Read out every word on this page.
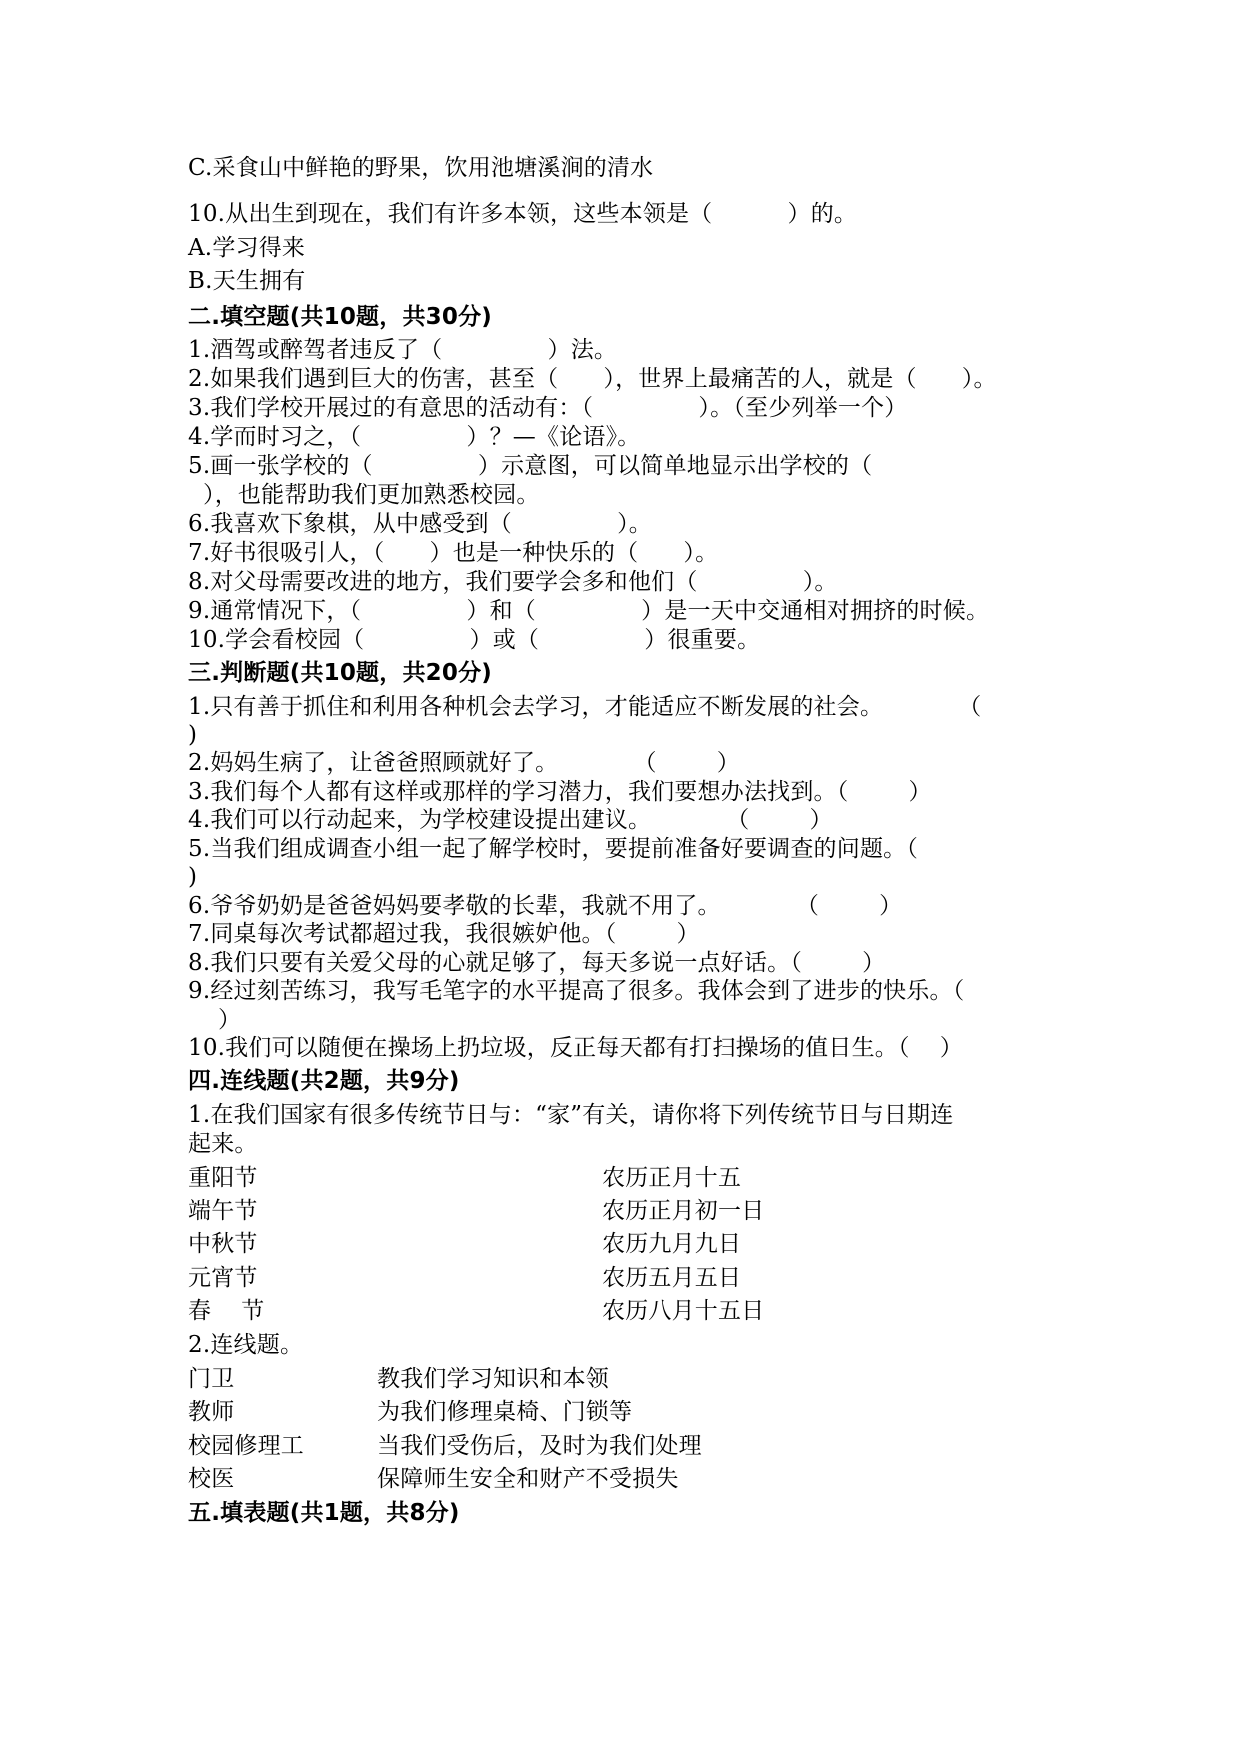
C.采食山中鲜艳的野果，饮用池塘溪涧的清水
10.从出生到现在，我们有许多本领，这些本领是（          ）的。
A.学习得来
B.天生拥有
二.填空题(共10题，共30分)
1.酒驾或醉驾者违反了（              ）法。
2.如果我们遇到巨大的伤害，甚至（      ），世界上最痛苦的人，就是（      ）。
3.我们学校开展过的有意思的活动有：（              ）。（至少列举一个）
4.学而时习之，（              ）？—《论语》。
5.画一张学校的（              ）示意图，可以简单地显示出学校的（
），也能帮助我们更加熟悉校园。
6.我喜欢下象棋，从中感受到（              ）。
7.好书很吸引人，（      ）也是一种快乐的（      ）。
8.对父母需要改进的地方，我们要学会多和他们（              ）。
9.通常情况下，（              ）和（              ）是一天中交通相对拥挤的时候。
10.学会看校园（              ）或（              ）很重要。
三.判断题(共10题，共20分)
1.只有善于抓住和利用各种机会去学习，才能适应不断发展的社会。          （
)
2.妈妈生病了，让爸爸照顾就好了。          （        ）
3.我们每个人都有这样或那样的学习潜力，我们要想办法找到。（        ）
4.我们可以行动起来，为学校建设提出建议。          （        ）
5.当我们组成调查小组一起了解学校时，要提前准备好要调查的问题。（
)
6.爷爷奶奶是爸爸妈妈要孝敬的长辈，我就不用了。          （        ）
7.同桌每次考试都超过我，我很嫉妒他。（        ）
8.我们只要有关爱父母的心就足够了，每天多说一点好话。（        ）
9.经过刻苦练习，我写毛笔字的水平提高了很多。我体会到了进步的快乐。（
）
10.我们可以随便在操场上扔垃圾，反正每天都有打扫操场的值日生。（    ）
四.连线题(共2题，共9分)
1.在我们国家有很多传统节日与：“家”有关，请你将下列传统节日与日期连
起来。
重阳节	农历正月十五
端午节	农历正月初一日
中秋节	农历九月九日
元宵节	农历五月五日
春    节	农历八月十五日
2.连线题。
门卫	教我们学习知识和本领
教师	为我们修理桌椅、门锁等
校园修理工	当我们受伤后，及时为我们处理
校医	保障师生安全和财产不受损失
五.填表题(共1题，共8分)
